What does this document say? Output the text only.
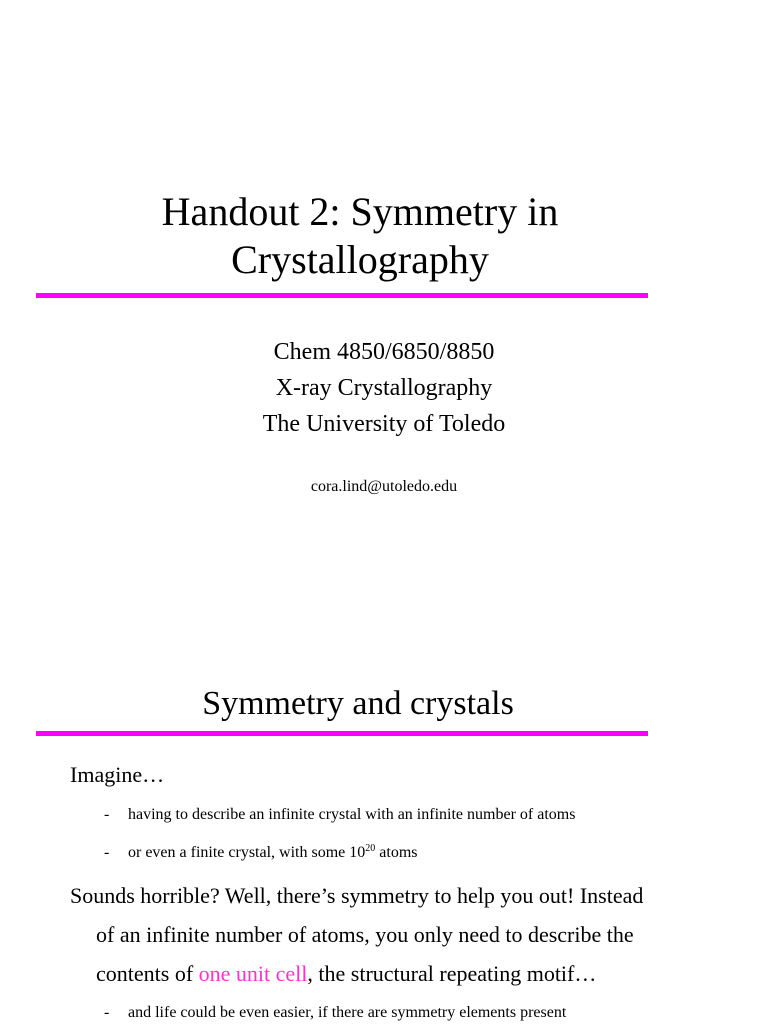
Handout 2: Symmetry in
Crystallography
Chem 4850/6850/8850
X-ray Crystallography
The University of Toledo
cora.lind@utoledo.edu
Symmetry and crystals
Imagine…
- having to describe an infinite crystal with an infinite number of atoms
- or even a finite crystal, with some $10^{20}$ atoms
Sounds horrible? Well, there’s symmetry to help you out! Instead
of an infinite number of atoms, you only need to describe the
contents of one unit cell, the structural repeating motif…
- and life could be even easier, if there are symmetry elements present
